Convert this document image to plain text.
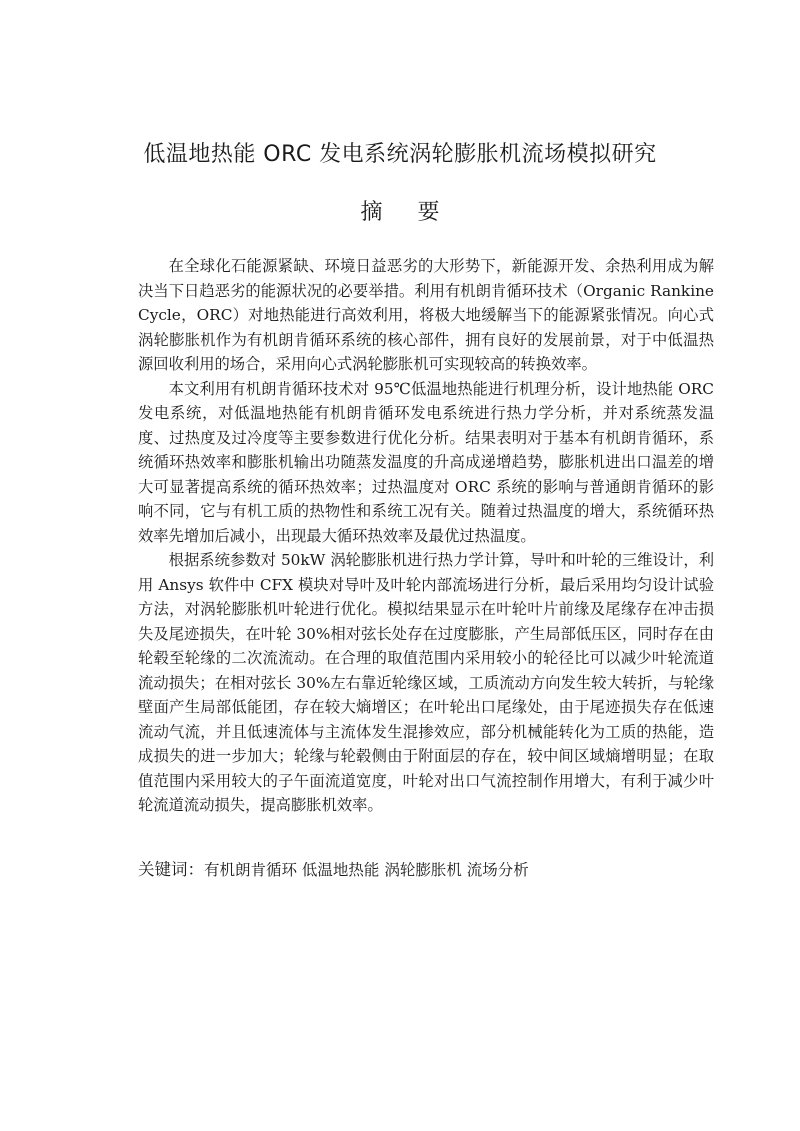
低温地热能 ORC 发电系统涡轮膨胀机流场模拟研究
摘 要

在全球化石能源紧缺、环境日益恶劣的大形势下，新能源开发、余热利用成为解决当下日趋恶劣的能源状况的必要举措。利用有机朗肯循环技术（Organic Rankine Cycle，ORC）对地热能进行高效利用，将极大地缓解当下的能源紧张情况。向心式涡轮膨胀机作为有机朗肯循环系统的核心部件，拥有良好的发展前景，对于中低温热源回收利用的场合，采用向心式涡轮膨胀机可实现较高的转换效率。

本文利用有机朗肯循环技术对 95℃低温地热能进行机理分析，设计地热能 ORC 发电系统，对低温地热能有机朗肯循环发电系统进行热力学分析，并对系统蒸发温度、过热度及过冷度等主要参数进行优化分析。结果表明对于基本有机朗肯循环，系统循环热效率和膨胀机输出功随蒸发温度的升高成递增趋势，膨胀机进出口温差的增大可显著提高系统的循环热效率；过热温度对 ORC 系统的影响与普通朗肯循环的影响不同，它与有机工质的热物性和系统工况有关。随着过热温度的增大，系统循环热效率先增加后减小，出现最大循环热效率及最优过热温度。

根据系统参数对 50kW 涡轮膨胀机进行热力学计算，导叶和叶轮的三维设计，利用 Ansys 软件中 CFX 模块对导叶及叶轮内部流场进行分析，最后采用均匀设计试验方法，对涡轮膨胀机叶轮进行优化。模拟结果显示在叶轮叶片前缘及尾缘存在冲击损失及尾迹损失，在叶轮 30%相对弦长处存在过度膨胀，产生局部低压区，同时存在由轮毂至轮缘的二次流流动。在合理的取值范围内采用较小的轮径比可以减少叶轮流道流动损失；在相对弦长 30%左右靠近轮缘区域，工质流动方向发生较大转折，与轮缘壁面产生局部低能团，存在较大熵增区；在叶轮出口尾缘处，由于尾迹损失存在低速流动气流，并且低速流体与主流体发生混掺效应，部分机械能转化为工质的热能，造成损失的进一步加大；轮缘与轮毂侧由于附面层的存在，较中间区域熵增明显；在取值范围内采用较大的子午面流道宽度，叶轮对出口气流控制作用增大，有利于减少叶轮流道流动损失，提高膨胀机效率。

关键词：有机朗肯循环 低温地热能 涡轮膨胀机 流场分析
